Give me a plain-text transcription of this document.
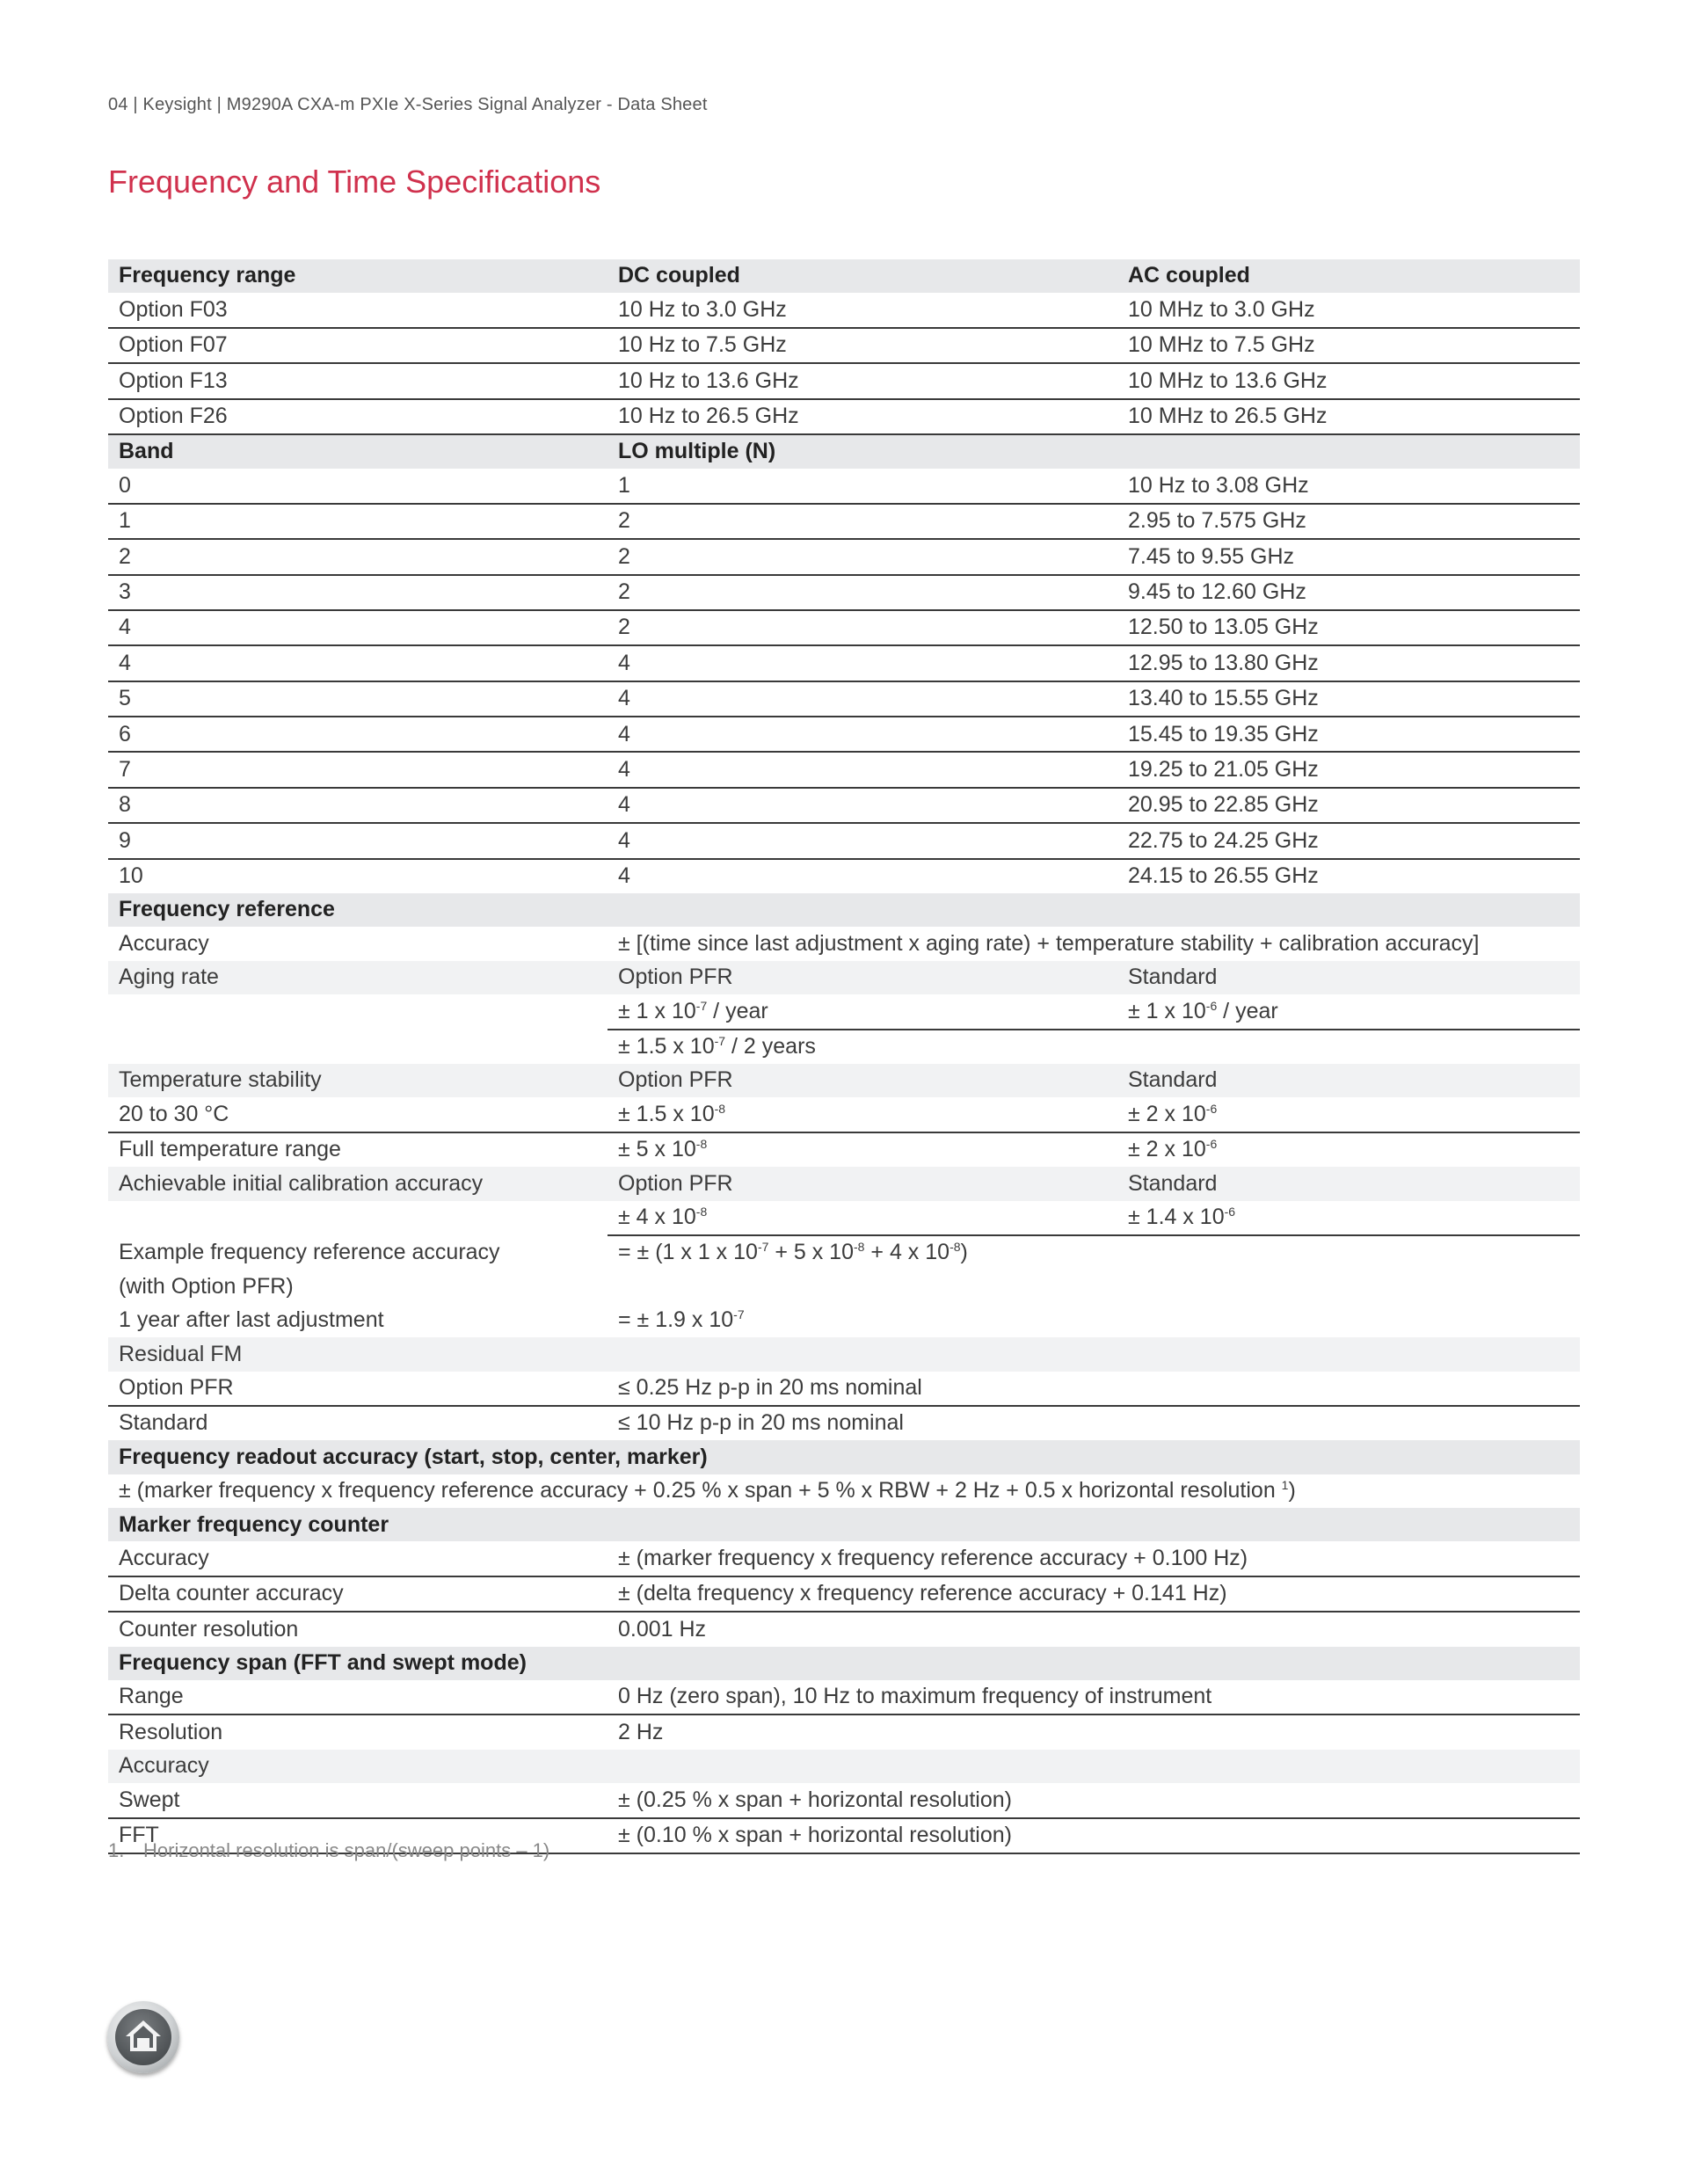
04 | Keysight | M9290A CXA-m PXIe X-Series Signal Analyzer - Data Sheet
Frequency and Time Specifications
Frequency range	DC coupled	AC coupled
Option F03	10 Hz to 3.0 GHz	10 MHz to 3.0 GHz
Option F07	10 Hz to 7.5 GHz	10 MHz to 7.5 GHz
Option F13	10 Hz to 13.6 GHz	10 MHz to 13.6 GHz
Option F26	10 Hz to 26.5 GHz	10 MHz to 26.5 GHz
Band	LO multiple (N)	
0	1	10 Hz to 3.08 GHz
1	2	2.95 to 7.575 GHz
2	2	7.45 to 9.55 GHz
3	2	9.45 to 12.60 GHz
4	2	12.50 to 13.05 GHz
4	4	12.95 to 13.80 GHz
5	4	13.40 to 15.55 GHz
6	4	15.45 to 19.35 GHz
7	4	19.25 to 21.05 GHz
8	4	20.95 to 22.85 GHz
9	4	22.75 to 24.25 GHz
10	4	24.15 to 26.55 GHz
Frequency reference		
Accuracy	± [(time since last adjustment x aging rate) + temperature stability + calibration accuracy]	
Aging rate	Option PFR	Standard
	± 1 x $10^{-7}$ / year	± 1 x $10^{-6}$ / year
	± 1.5 x $10^{-7} / 2$ years	
Temperature stability	Option PFR	Standard
20 to 30 °C	± 1.5 x $10^{-8}$	± 2 x $10^{-6}$
Full temperature range	± 5 x $10^{-8}$	± 2 x $10^{-6}$
Achievable initial calibration accuracy	Option PFR	Standard
	± 4 x $10^{-8}$	± 1.4 x $10^{-6}$
Example frequency reference accuracy	= ± (1 x 1 x $10^{-7} + 5$ x $10^{-8} + 4$ x $10^{-8}$)	
(with Option PFR)		
1 year after last adjustment	= ± 1.9 x $10^{-7}$
Residual FM		
Option PFR	≤ 0.25 Hz p-p in 20 ms nominal	
Standard	≤ 10 Hz p-p in 20 ms nominal	
Frequency readout accuracy (start, stop, center, marker)		
± (marker frequency x frequency reference accuracy + 0.25 % x span + 5 % x RBW + 2 Hz + 0.5 x horizontal resolution $^1$)		
Marker frequency counter		
Accuracy	± (marker frequency x frequency reference accuracy + 0.100 Hz)	
Delta counter accuracy	± (delta frequency x frequency reference accuracy + 0.141 Hz)	
Counter resolution	0.001 Hz	
Frequency span (FFT and swept mode)		
Range	0 Hz (zero span), 10 Hz to maximum frequency of instrument	
Resolution	2 Hz	
Accuracy		
Swept	± (0.25 % x span + horizontal resolution)	
FFT	± (0.10 % x span + horizontal resolution)	
1. Horizontal resolution is span/(sweep points – 1)
